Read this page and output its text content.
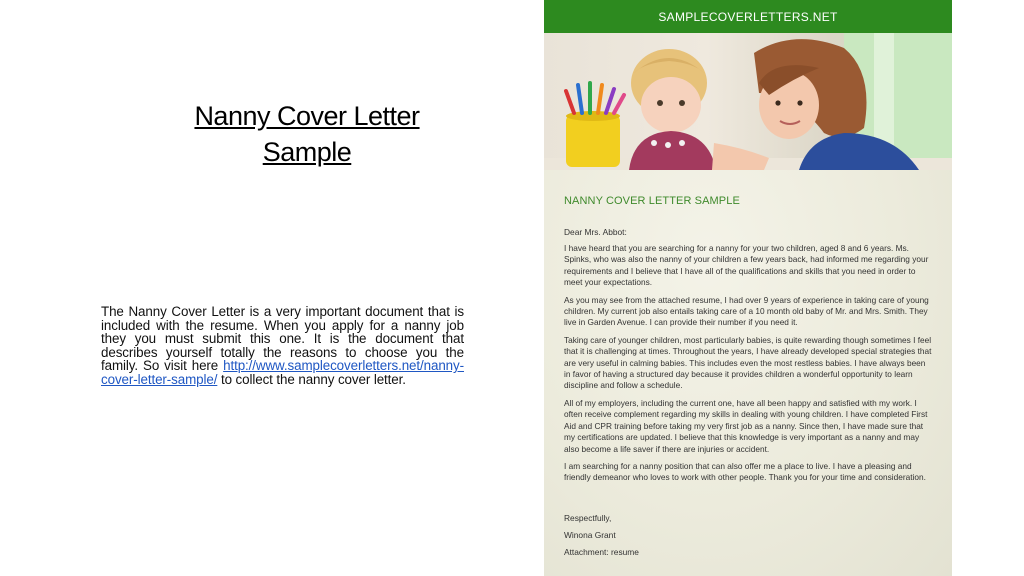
Nanny Cover Letter
Sample
The Nanny Cover Letter is a very important document that is included with the resume. When you apply for a nanny job they you must submit this one. It is the document that describes yourself totally the reasons to choose you the family. So visit here http://www.samplecoverletters.net/nanny-cover-letter-sample/ to collect the nanny cover letter.
SAMPLECOVERLETTERS.NET
NANNY COVER LETTER SAMPLE
Dear Mrs. Abbot:
I have heard that you are searching for a nanny for your two children, aged 8 and 6 years. Ms. Spinks, who was also the nanny of your children a few years back, had informed me regarding your requirements and I believe that I have all of the qualifications and skills that you need in order to meet your expectations.
As you may see from the attached resume, I had over 9 years of experience in taking care of young children. My current job also entails taking care of a 10 month old baby of Mr. and Mrs. Smith. They live in Garden Avenue. I can provide their number if you need it.
Taking care of younger children, most particularly babies, is quite rewarding though sometimes I feel that it is challenging at times. Throughout the years, I have already developed special strategies that are very useful in calming babies. This includes even the most restless babies. I have always been in favor of having a structured day because it provides children a wonderful opportunity to learn discipline and follow a schedule.
All of my employers, including the current one, have all been happy and satisfied with my work. I often receive complement regarding my skills in dealing with young children. I have completed First Aid and CPR training before taking my very first job as a nanny. Since then, I have made sure that my certifications are updated. I believe that this knowledge is very important as a nanny and may also become a life saver if there are injuries or accident.
I am searching for a nanny position that can also offer me a place to live. I have a pleasing and friendly demeanor who loves to work with other people. Thank you for your time and consideration.
Respectfully,
Winona Grant
Attachment: resume
